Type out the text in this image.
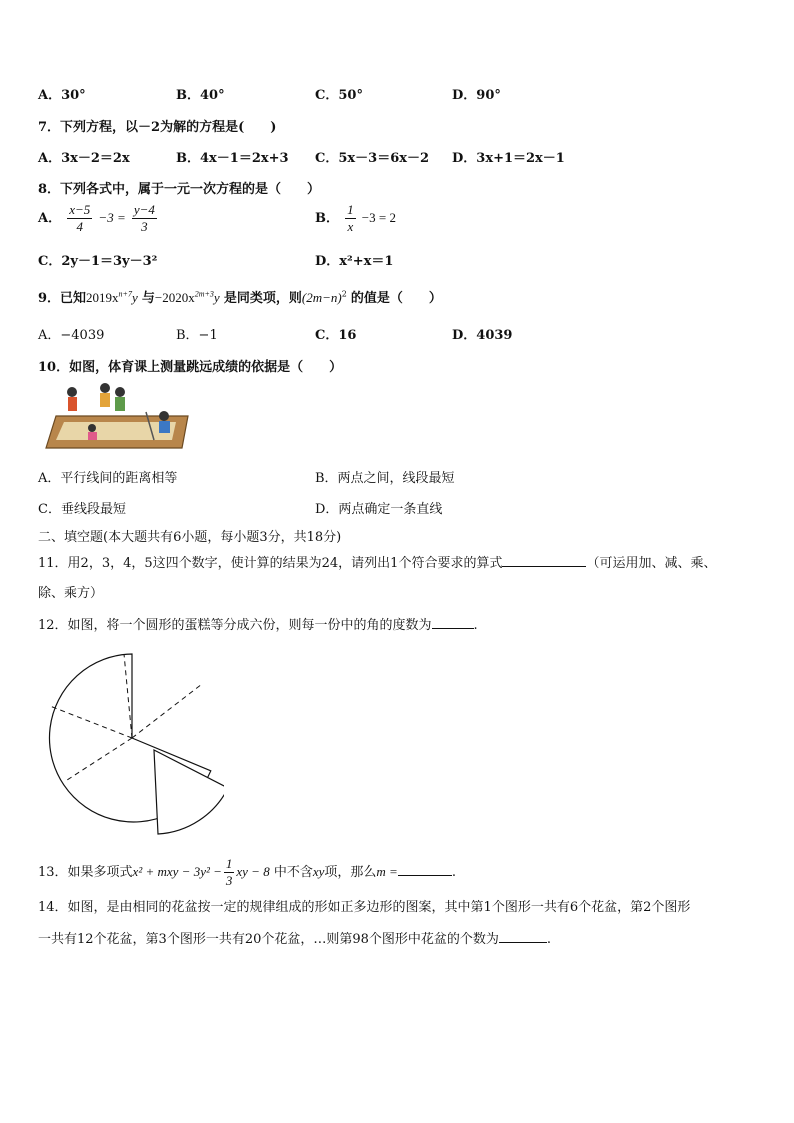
A．30°	B．40°	C．50°	D．90°
7．下列方程，以－2为解的方程是(　　)
A．3x－2＝2x	B．4x－1＝2x+3 C．5x－3＝6x－2 D．3x+1＝2x－1
8．下列各式中，属于一元一次方程的是（　　）
A． $\frac{x-5}{4} -3 = \frac{y-4}{3}$	B． $\frac{1}{x} -3 = 2$
C．2y－1＝3y－3²	D．x²+x＝1
9．已知$2019x^{n+7}y$ 与$-2020x^{2m+3}y$ 是同类项，则$(2m-n)^2$ 的值是（　　）
A．−4039	B．−1	C．16	D．4039
10．如图，体育课上测量跳远成绩的依据是（　　）
A．平行线间的距离相等	B．两点之间，线段最短
C．垂线段最短	D．两点确定一条直线
二、填空题(本大题共有6小题，每小题3分，共18分)
11．用2，3，4，5这四个数字，使计算的结果为24，请列出1个符合要求的算式	（可运用加、减、乘、
除、乘方）
12．如图，将一个圆形的蛋糕等分成六份，则每一份中的角的度数为	.
13．如果多项式x² + mxy − $3y^2 - \frac{1}{3}$ xy − 8 中不含xy项，那么m =	.
14．如图，是由相同的花盆按一定的规律组成的形如正多边形的图案，其中第1个图形一共有6个花盆，第2个图形
一共有12个花盆，第3个图形一共有20个花盆，…则第98个图形中花盆的个数为	.
